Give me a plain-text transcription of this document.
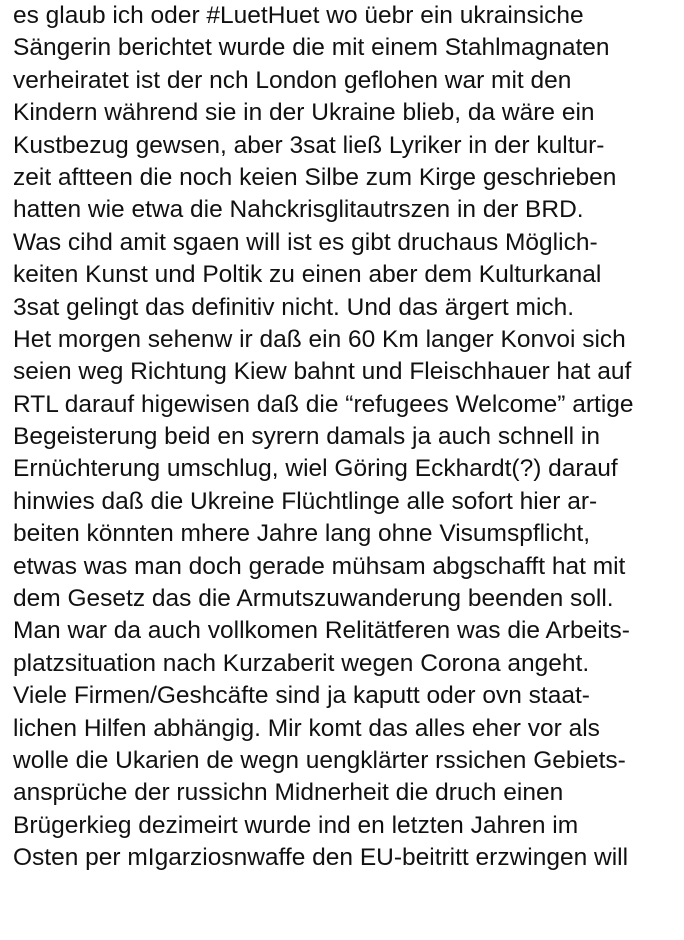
es glaub ich oder #LuetHuet wo üebr ein ukrainsiche
Sängerin berichtet wurde die mit einem Stahlmagnaten
verheiratet ist der nch London geflohen war mit den
Kindern während sie in der Ukraine blieb, da wäre ein
Kustbezug gewsen, aber 3sat ließ Lyriker in der kultur-
zeit aftteen die noch keien Silbe zum Kirge geschrieben
hatten wie etwa die Nahckrisglitautrszen in der BRD.
Was cihd amit sgaen will ist es gibt druchaus Möglich-
keiten Kunst und Poltik zu einen aber dem Kulturkanal
3sat gelingt das definitiv nicht. Und das ärgert mich.
Het morgen sehenw ir daß ein 60 Km langer Konvoi sich
seien weg Richtung Kiew bahnt und Fleischhauer hat auf
RTL darauf higewisen daß die “refugees Welcome” artige
Begeisterung beid en syrern damals ja auch schnell in
Ernüchterung umschlug, wiel Göring Eckhardt(?) darauf
hinwies daß die Ukreine Flüchtlinge alle sofort hier ar-
beiten könnten mhere Jahre lang ohne Visumspflicht,
etwas was man doch gerade mühsam abgschafft hat mit
dem Gesetz das die Armutszuwanderung beenden soll.
Man war da auch vollkomen Relitätferen was die Arbeits-
platzsituation nach Kurzaberit wegen Corona angeht.
Viele Firmen/Geshcäfte sind ja kaputt oder ovn staat-
lichen Hilfen abhängig. Mir komt das alles eher vor als
wolle die Ukarien de wegn uengklärter rssichen Gebiets-
ansprüche der russichn Midnerheit die druch einen
Brügerkieg dezimeirt wurde ind en letzten Jahren im
Osten per mIgarziosnwaffe den EU-beitritt erzwingen will
